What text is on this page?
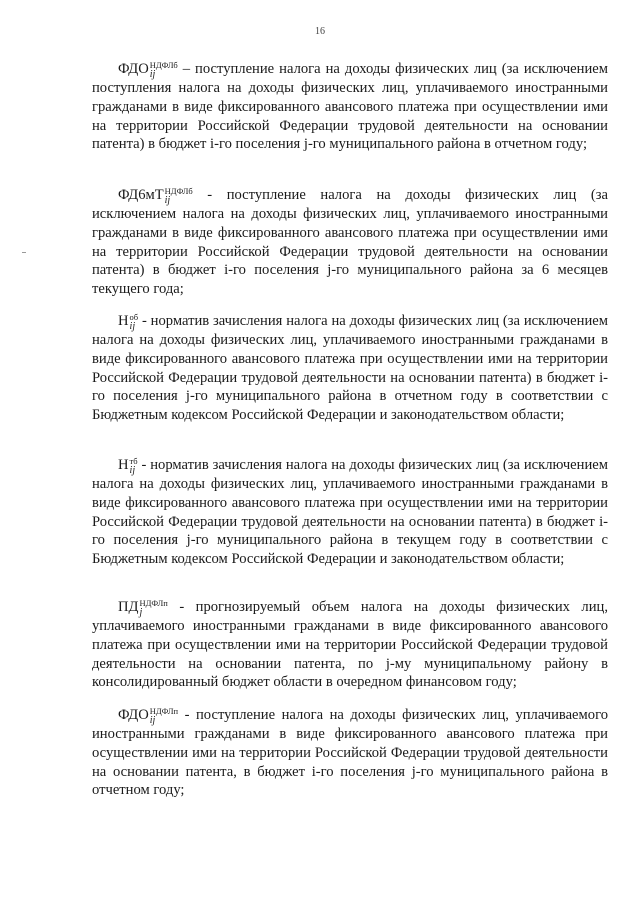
16

ФДО НДФЛб
ij	– поступление налога на доходы физических лиц (за исключением поступления налога на доходы физических лиц, уплачиваемого иностранными гражданами в виде фиксированного авансового платежа при осуществлении ими на территории Российской Федерации трудовой деятельности на основании патента) в бюджет i-го поселения j-го муниципального района в отчетном году;

ФД6мТ НДФЛб
ij	- поступление налога на доходы физических лиц (за исключением налога на доходы физических лиц, уплачиваемого иностранными гражданами в виде фиксированного авансового платежа при осуществлении ими на территории Российской Федерации трудовой деятельности на основании патента) в бюджет i-го поселения j-го муниципального района за 6 месяцев текущего года;

Н об
ij - норматив зачисления налога на доходы физических лиц (за исключением налога на доходы физических лиц, уплачиваемого иностранными гражданами в виде фиксированного авансового платежа при осуществлении ими на территории Российской Федерации трудовой деятельности на основании патента) в бюджет i-го поселения j-го муниципального района в отчетном году в соответствии с Бюджетным кодексом Российской Федерации и законодательством области;

Н тб
ij - норматив зачисления налога на доходы физических лиц (за исключением налога на доходы физических лиц, уплачиваемого иностранными гражданами в виде фиксированного авансового платежа при осуществлении ими на территории Российской Федерации трудовой деятельности на основании патента) в бюджет i-го поселения j-го муниципального района в текущем году в соответствии с Бюджетным кодексом Российской Федерации и законодательством области;

ПД НДФЛп
j	- прогнозируемый объем налога на доходы физических лиц, уплачиваемого иностранными гражданами в виде фиксированного авансового платежа при осуществлении ими на территории Российской Федерации трудовой деятельности на основании патента, по j-му муниципальному району в консолидированный бюджет области в очередном финансовом году;

ФДО НДФЛп
ij	- поступление налога на доходы физических лиц, уплачиваемого иностранными гражданами в виде фиксированного авансового платежа при осуществлении ими на территории Российской Федерации трудовой деятельности на основании патента, в бюджет i-го поселения j-го муниципального района в отчетном году;
